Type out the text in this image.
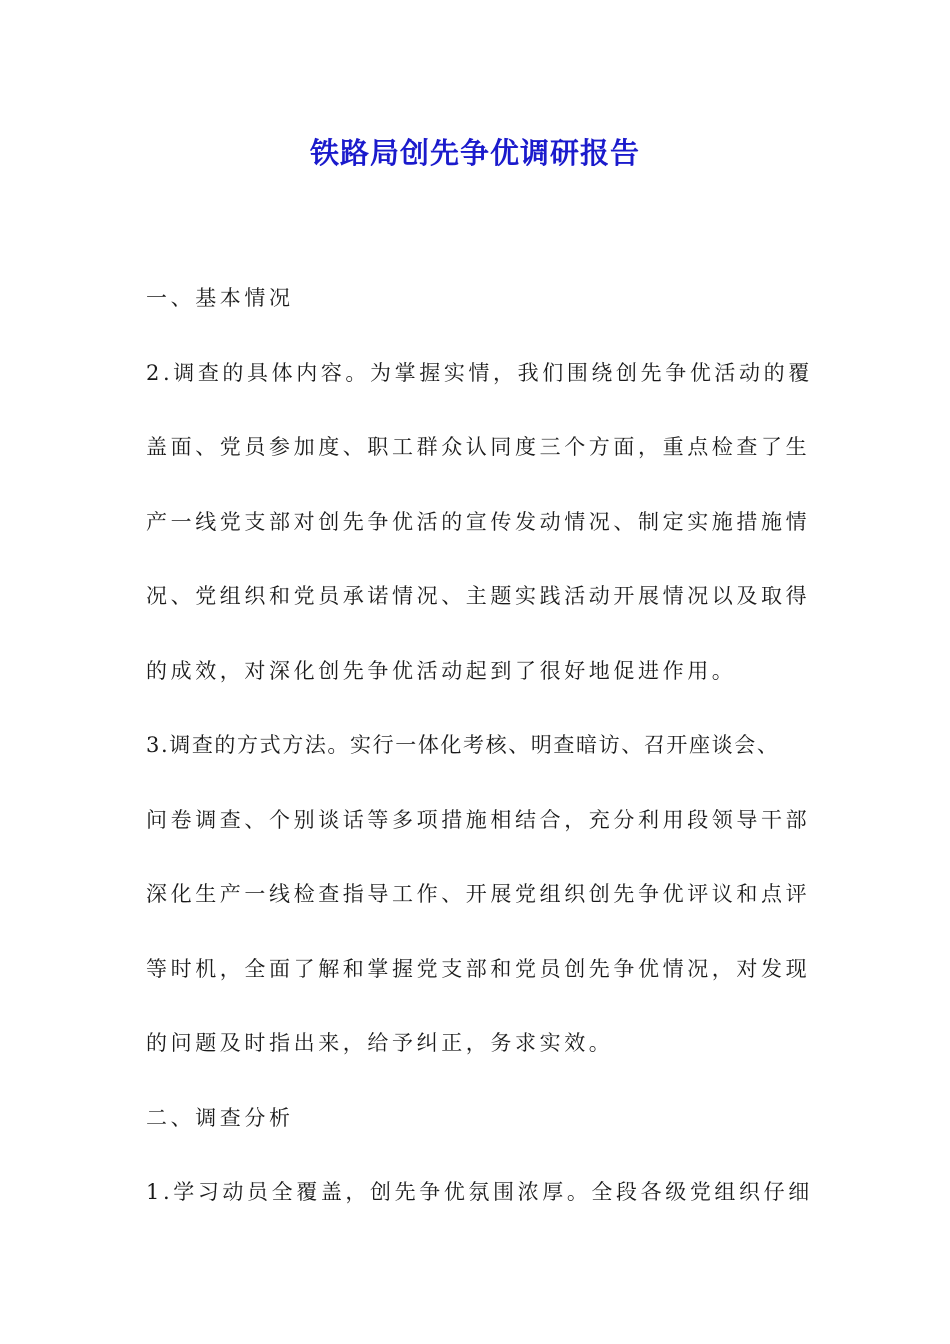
铁路局创先争优调研报告

一、基本情况

2.调查的具体内容。为掌握实情，我们围绕创先争优活动的覆

盖面、党员参加度、职工群众认同度三个方面，重点检查了生

产一线党支部对创先争优活的宣传发动情况、制定实施措施情

况、党组织和党员承诺情况、主题实践活动开展情况以及取得

的成效，对深化创先争优活动起到了很好地促进作用。

3.调查的方式方法。实行一体化考核、明查暗访、召开座谈会、

问卷调查、个别谈话等多项措施相结合，充分利用段领导干部

深化生产一线检查指导工作、开展党组织创先争优评议和点评

等时机，全面了解和掌握党支部和党员创先争优情况，对发现

的问题及时指出来，给予纠正，务求实效。

二、调查分析

1.学习动员全覆盖，创先争优氛围浓厚。全段各级党组织仔细
